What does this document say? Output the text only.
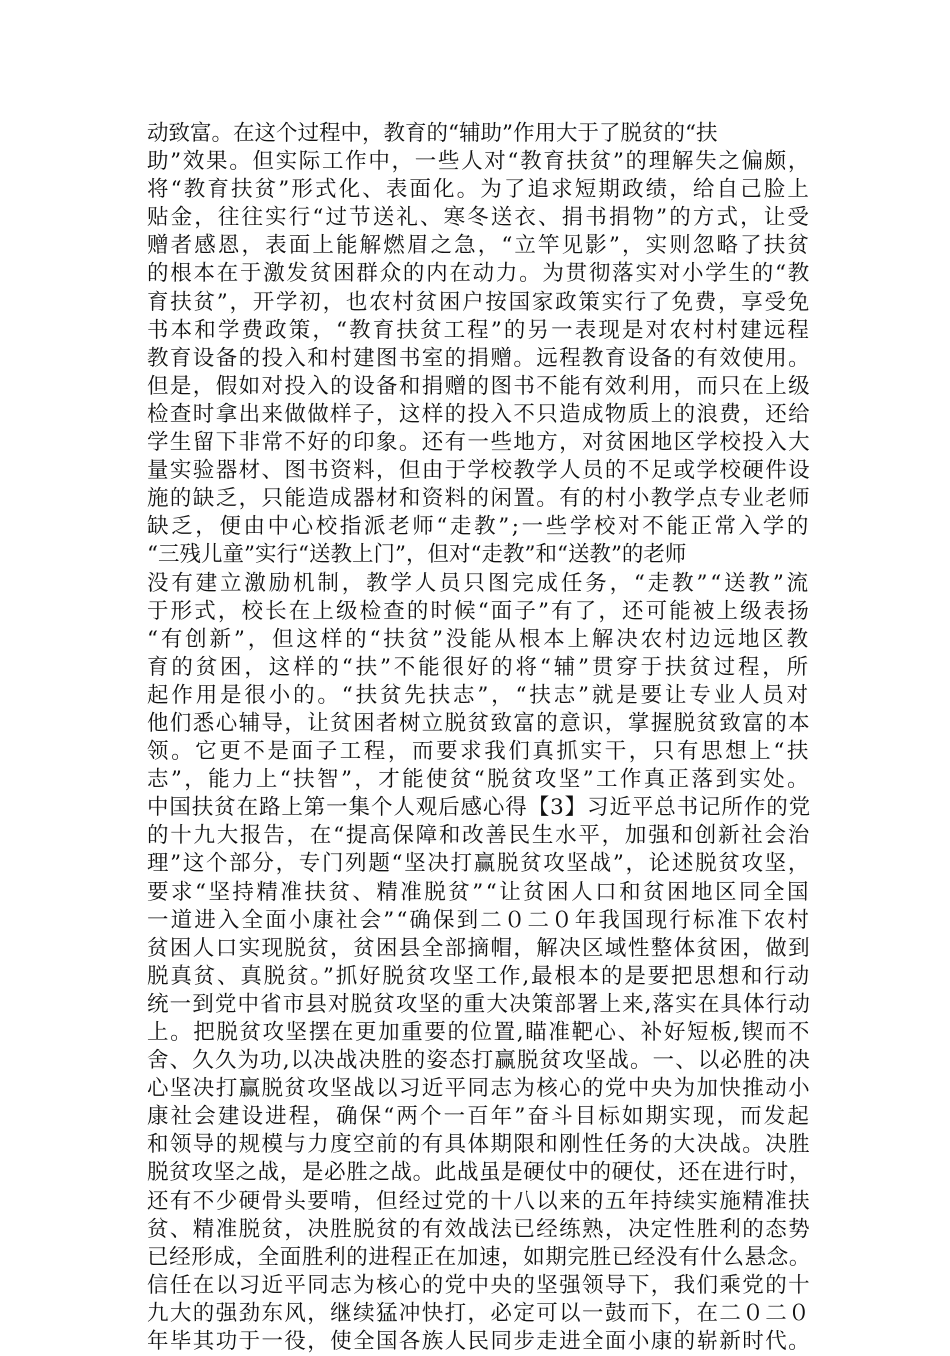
动致富。在这个过程中，教育的“辅助”作用大于了脱贫的“扶
助”效果。但实际工作中，一些人对“教育扶贫”的理解失之偏颇，
将“教育扶贫”形式化、表面化。为了追求短期政绩，给自己脸上
贴金，往往实行“过节送礼、寒冬送衣、捐书捐物”的方式，让受
赠者感恩，表面上能解燃眉之急，“立竿见影”，实则忽略了扶贫
的根本在于激发贫困群众的内在动力。为贯彻落实对小学生的“教
育扶贫”，开学初，也农村贫困户按国家政策实行了免费，享受免
书本和学费政策，“教育扶贫工程”的另一表现是对农村村建远程
教育设备的投入和村建图书室的捐赠。远程教育设备的有效使用。
但是，假如对投入的设备和捐赠的图书不能有效利用，而只在上级
检查时拿出来做做样子，这样的投入不只造成物质上的浪费，还给
学生留下非常不好的印象。还有一些地方，对贫困地区学校投入大
量实验器材、图书资料，但由于学校教学人员的不足或学校硬件设
施的缺乏，只能造成器材和资料的闲置。有的村小教学点专业老师
缺乏，便由中心校指派老师“走教”;一些学校对不能正常入学的
“三残儿童”实行“送教上门”，但对“走教”和“送教”的老师
没有建立激励机制，教学人员只图完成任务，“走教”“送教”流
于形式，校长在上级检查的时候“面子”有了，还可能被上级表扬
“有创新”，但这样的“扶贫”没能从根本上解决农村边远地区教
育的贫困，这样的“扶”不能很好的将“辅”贯穿于扶贫过程，所
起作用是很小的。“扶贫先扶志”，“扶志”就是要让专业人员对
他们悉心辅导，让贫困者树立脱贫致富的意识，掌握脱贫致富的本
领。它更不是面子工程，而要求我们真抓实干，只有思想上“扶
志”，能力上“扶智”，才能使贫“脱贫攻坚”工作真正落到实处。
中国扶贫在路上第一集个人观后感心得【3】习近平总书记所作的党
的十九大报告，在“提高保障和改善民生水平，加强和创新社会治
理”这个部分，专门列题“坚决打赢脱贫攻坚战”，论述脱贫攻坚，
要求“坚持精准扶贫、精准脱贫”“让贫困人口和贫困地区同全国
一道进入全面小康社会”“确保到二０二０年我国现行标准下农村
贫困人口实现脱贫，贫困县全部摘帽，解决区域性整体贫困，做到
脱真贫、真脱贫。”抓好脱贫攻坚工作,最根本的是要把思想和行动
统一到党中省市县对脱贫攻坚的重大决策部署上来,落实在具体行动
上。把脱贫攻坚摆在更加重要的位置,瞄准靶心、补好短板,锲而不
舍、久久为功,以决战决胜的姿态打赢脱贫攻坚战。一、以必胜的决
心坚决打赢脱贫攻坚战以习近平同志为核心的党中央为加快推动小
康社会建设进程，确保“两个一百年”奋斗目标如期实现，而发起
和领导的规模与力度空前的有具体期限和刚性任务的大决战。决胜
脱贫攻坚之战，是必胜之战。此战虽是硬仗中的硬仗，还在进行时，
还有不少硬骨头要啃，但经过党的十八以来的五年持续实施精准扶
贫、精准脱贫，决胜脱贫的有效战法已经练熟，决定性胜利的态势
已经形成，全面胜利的进程正在加速，如期完胜已经没有什么悬念。
信任在以习近平同志为核心的党中央的坚强领导下，我们乘党的十
九大的强劲东风，继续猛冲快打，必定可以一鼓而下，在二０二０
年毕其功于一役，使全国各族人民同步走进全面小康的崭新时代。
